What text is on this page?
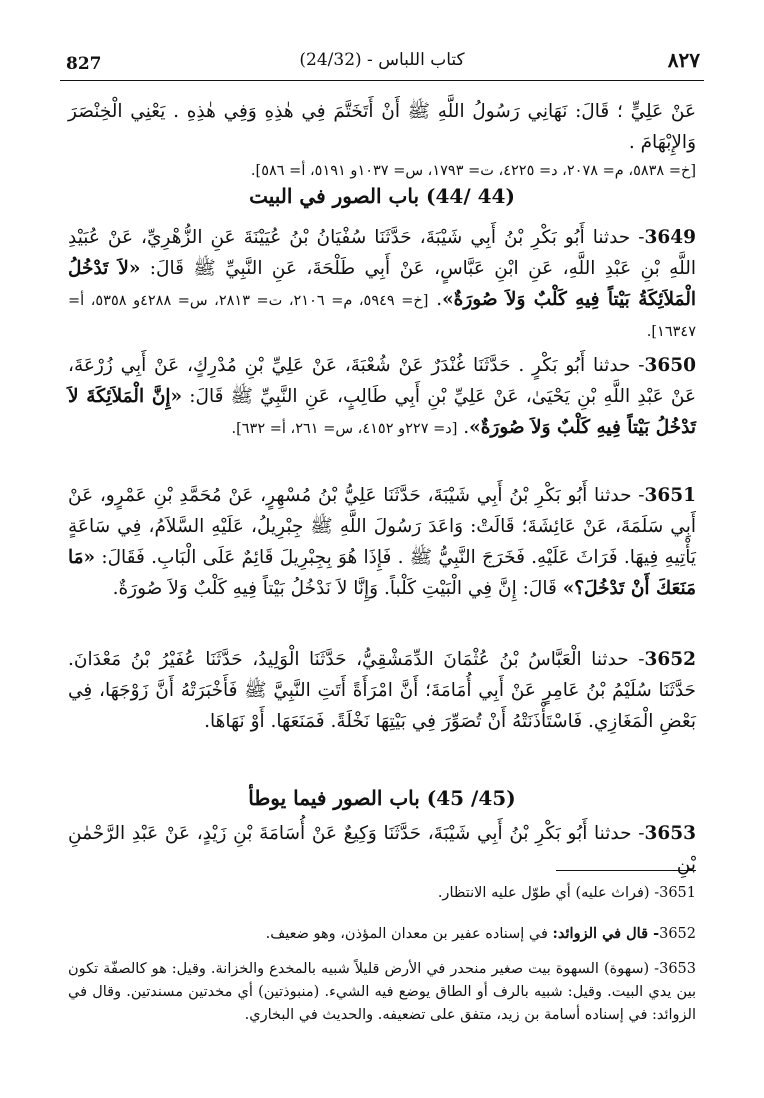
827	كتاب اللباس - (24/32)	٨٢٧
عَنْ عَلِيٍّ ؛ قَالَ: نَهَانِي رَسُولُ اللَّهِ ﷺ أَنْ أَتَخَتَّمَ فِي هٰذِهِ وَفِي هٰذِهِ . يَعْنِي الْخِنْصَرَ وَالإِبْهَامَ .
[خ= ٥٨٣٨، م= ٢٠٧٨، د= ٤٢٢٥، ت= ١٧٩٣، س= ١٠٣٧و ٥١٩١، أ= ٥٨٦].
(44 /44) باب الصور في البيت
3649- حدثنا أَبُو بَكْرِ بْنُ أَبِي شَيْبَةَ، حَدَّثَنَا سُفْيَانُ بْنُ عُيَيْنَةَ عَنِ الزُّهْرِيِّ، عَنْ عُبَيْدِ اللَّهِ بْنِ عَبْدِ اللَّهِ، عَنِ ابْنِ عَبَّاسٍ، عَنْ أَبِي طَلْحَةَ، عَنِ النَّبِيِّ ﷺ قَالَ: «لاَ تَدْخُلُ الْمَلاَئِكَةُ بَيْتاً فِيهِ كَلْبٌ وَلاَ صُورَةٌ». [خ= ٥٩٤٩، م= ٢١٠٦، ت= ٢٨١٣، س= ٤٢٨٨و ٥٣٥٨، أ= ١٦٣٤٧].
3650- حدثنا أَبُو بَكْرٍ . حَدَّثَنَا غُنْدَرٌ عَنْ شُعْبَةَ، عَنْ عَلِيِّ بْنِ مُدْرِكٍ، عَنْ أَبِي زُرْعَةَ، عَنْ عَبْدِ اللَّهِ بْنِ يَحْيَىٰ، عَنْ عَلِيِّ بْنِ أَبِي طَالِبٍ، عَنِ النَّبِيِّ ﷺ قَالَ: «إِنَّ الْمَلاَئِكَةَ لاَ تَدْخُلُ بَيْتاً فِيهِ كَلْبٌ وَلاَ صُورَةٌ». [د= ٢٢٧و ٤١٥٢، س= ٢٦١، أ= ٦٣٢].
3651- حدثنا أَبُو بَكْرِ بْنُ أَبِي شَيْبَةَ، حَدَّثَنَا عَلِيُّ بْنُ مُسْهِرٍ، عَنْ مُحَمَّدِ بْنِ عَمْرٍو، عَنْ أَبِي سَلَمَةَ، عَنْ عَائِشَةَ؛ قَالَتْ: وَاعَدَ رَسُولَ اللَّهِ ﷺ جِبْرِيلُ، عَلَيْهِ السَّلاَمُ، فِي سَاعَةٍ يَأْتِيهِ فِيهَا. فَرَاثَ عَلَيْهِ. فَخَرَجَ النَّبِيُّ ﷺ . فَإِذَا هُوَ بِجِبْرِيلَ قَائِمٌ عَلَى الْبَابِ. فَقَالَ: «مَا مَنَعَكَ أَنْ تَدْخُلَ؟» قَالَ: إِنَّ فِي الْبَيْتِ كَلْباً. وَإِنَّا لاَ نَدْخُلُ بَيْتاً فِيهِ كَلْبٌ وَلاَ صُورَةٌ.
3652- حدثنا الْعَبَّاسُ بْنُ عُثْمَانَ الدِّمَشْقِيُّ، حَدَّثَنَا الْوَلِيدُ، حَدَّثَنَا عُفَيْرُ بْنُ مَعْدَانَ. حَدَّثَنَا سُلَيْمُ بْنُ عَامِرٍ عَنْ أَبِي أُمَامَةَ؛ أَنَّ امْرَأَةً أَتَتِ النَّبِيَّ ﷺ فَأَخْبَرَتْهُ أَنَّ زَوْجَهَا، فِي بَعْضِ الْمَغَازِي. فَاسْتَأْذَنَتْهُ أَنْ تُصَوِّرَ فِي بَيْتِهَا نَخْلَةً. فَمَنَعَهَا. أَوْ نَهَاهَا.
(45/ 45) باب الصور فيما يوطأ
3653- حدثنا أَبُو بَكْرِ بْنُ أَبِي شَيْبَةَ، حَدَّثَنَا وَكِيعٌ عَنْ أُسَامَةَ بْنِ زَيْدٍ، عَنْ عَبْدِ الرَّحْمٰنِ بْنِ
3651- (فراث عليه) أي طوّل عليه الانتظار.
3652- قال في الزوائد: في إسناده عفير بن معدان المؤذن، وهو ضعيف.
3653- (سهوة) السهوة بيت صغير منحدر في الأرض قليلاً شبيه بالمخدع والخزانة. وقيل: هو كالصفّة تكون بين يدي البيت. وقيل: شبيه بالرف أو الطاق يوضع فيه الشيء. (منبوذتين) أي مخدتين مسندتين. وقال في الزوائد: في إسناده أسامة بن زيد، متفق على تضعيفه. والحديث في البخاري.
